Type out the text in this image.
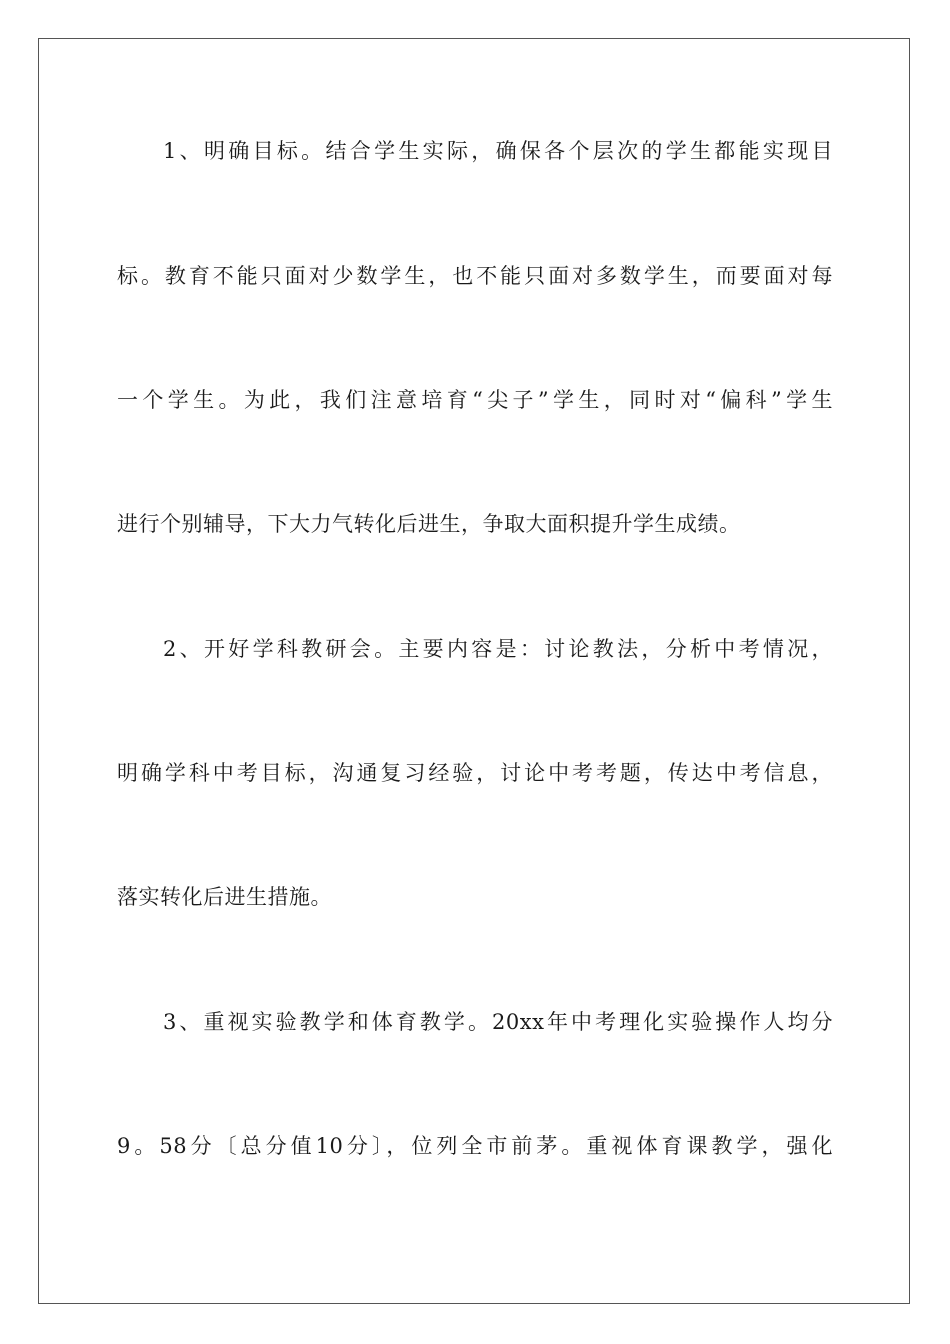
1、明确目标。结合学生实际，确保各个层次的学生都能实现目
标。教育不能只面对少数学生，也不能只面对多数学生，而要面对每
一个学生。为此，我们注意培育“尖子”学生，同时对“偏科”学生
进行个别辅导，下大力气转化后进生，争取大面积提升学生成绩。
2、开好学科教研会。主要内容是：讨论教法，分析中考情况，
明确学科中考目标，沟通复习经验，讨论中考考题，传达中考信息，
落实转化后进生措施。
3、重视实验教学和体育教学。20xx年中考理化实验操作人均分
9。58分〔总分值10分〕，位列全市前茅。重视体育课教学，强化
